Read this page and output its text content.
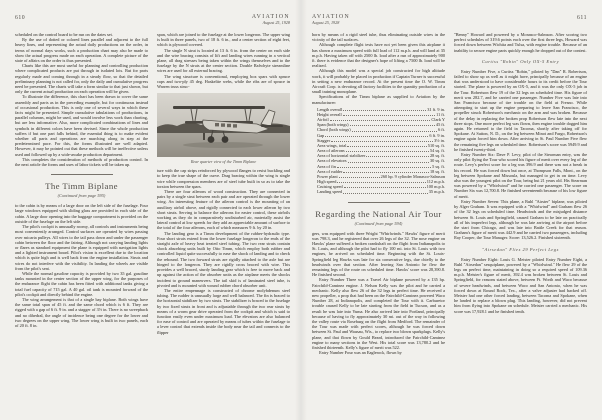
610	AVIATION
August 25, 1928

scheduled on the control board to be run on the dates set.

By the use of dotted or colored lines parallel and adjacent to the full heavy lines, and representing the actual daily productions on the order, in terms of normal days works, such a production chart may also be made to show the actual progress made on each operation. A complete picture of the state of affairs on the order is thus presented.

Charts like this are most useful for planning and controlling production where complicated products are put through in isolated lots. But for parts regularly made and coming through in a steady flow, so that the detailed preliminary planning is not called for, only the daily and cumulative progress need be presented. The charts will take a form similar to that just shown, but only the current actual production on each operation will be given.

To illustrate the difference, this chart has been drawn to cover the same assembly and parts as in the preceding example, but for continuous instead of occasional production. This is only one of several ways in which these facts might be presented. Simple cumulative tabulations of productions, in parallel columns, might be used, and would involve less work than charting, but are less informative. Also, more complicated combinations of lines and symbols in different colors have been devised. Since the whole production suffers if but one part falls behind, the essential thing is to make evident whether all parts and operations are marching along in step at the predetermined pace. For this, the forms illustrated are well adapted. However, it may be pointed out that these methods will be ineffective unless used and followed up by a wide-awake production department.

This completes the consideration of methods of production control. In the next article the forms and uses of labor tickets will be taken up.

The Timm Biplane
(Continued from page 595)

to the cabin is by means of a large door on the left side of the fuselage. Four large windows equipped with sliding glass are provided in each side of the cabin. A large door opening into the baggage compartment is provided on the outside of the fuselage on the left side.

The pilot's cockpit is unusually roomy, all controls and instruments being most conveniently arranged. Control surfaces are operated by wires passing over micarta pulleys. All wires to the tail pass down and under the passenger cabin between the floor and the fairing. Although not carrying landing lights or flares as standard equipment the plane is equipped with navigation lights and a lighted instrument board. Pilot's vision is excellent due to the location which is quite high and is well back from the engine installation. Struts and wires do not interfere with the visibility. In landing the wheels are visible from the pilot's seat.

While the normal gasoline capacity is provided by two 35 gal. gasoline tanks mounted in the center section of the upper wing, for the purposes of the endurance flight the cabin has been fitted with additional tanks giving a total fuel capacity of 715 gal. A 40 gal. oil tank is mounted forward of the pilot's cockpit and directly behind the engine.

The wing arrangement is that of a single bay biplane. Both wings have the same total span of 45 ft. and the same chord which is 6 ft. They are rigged with a gap of 6 ft. 9 in. and a stagger of 3½ in. There is no sweepback and no dihedral, the angle of incidence being one degree for the lower and two degrees on the upper wing. The lower wing is built in two panels, each of 20 ft. 8 in.

span, which are joined to the fuselage at the lower longeron. The upper wing is built in three panels, two of 18 ft. 6 in., and a center section of eight feet, which is plywood covered.

The single N strut is located at 13 ft. 6 in. from the center on each side and the wire bracing consists of lift and landing wires running in a vertical plane, all drag stresses being taken within the wings themselves and to the fuselage by the N struts at the center section. Double Rafwhyte streamline wires are used for all external bracing.

The wing structure is conventional, employing box spars with spruce caps and two-ply 45 deg. Haskelite webs, while the ribs are of spruce in Warren truss struc-

Rear quarter view of the Timm Biplane

ture with the cap strips reinforced by plywood flanges to resist buckling and to keep the true shape of the curve. Drag bracing within the wing is single wire while compression members are of steel tube built in so as to take the torsion between the spars.

There are four ailerons of wood construction. They are connected in pairs by a single strut between each pair and are operated through the lower wing. An interesting feature of the aileron control is the mounting of an auxiliary airfoil above, and rigidly connected to each lower aileron by two short struts. Serving to balance the ailerons for easier control, these airfoils working as they do in comparatively undisturbed air, materially assist the lateral control at low speeds for they add an appreciable amount of surface to the total of the four ailerons, each of which measures 9 ft. by 20 in.

The landing gear is a Timm development of the rubber-hydraulic type. Four short struts extend from the lower fuselage longeron to the ends of the straight axle of heavy heat treated steel tubing. The two rear struts contain shock absorbing units built by Otto Timm, which employ both rubber and controlled liquid quite successfully to ease the shock of landing and to check the rebound. The two forward struts are rigidly attached to the axle but are hinged to the longeron. They are rigidly cross braced with wire. This provides a well braced, sturdy landing gear which is free to move back and up against the action of the absorber units as the airplane meets the shocks incident to ground maneuvers. The tail skid is of laminated steel tube, is pivoted and is mounted with wound rubber chord absorber unit.

The entire empennage is constructed of chrome molybdenum steel tubing. The rudder is unusually large and well balanced. The fin is braced to the horizontal stabilizer by two struts. The stabilizer is braced to the fuselage by two fixed struts in front and is adjustable through the two rear struts by means of a worm gear drive operated from the cockpit and which is said to function easily even under maximum load. The elevators are also balanced for ease of control and are operated by means of tubes within the fuselage to a lever control that extends inside the body near the tail and connects to the flipper

AVIATION
August 25, 1928
611

horn by means of a rigid steel tube, thus eliminating outside wires in the vicinity of the tail surfaces.

Although complete flight tests have not yet been given this airplane it has shown a maximum speed with full load of 112 m.p.h. and will land at 35 m.p.h. Having taken off with 2500 lb. load after a run of approximately 900 ft. there is evidence that the designer's hope of lifting a 7500 lb. load will be realized.

Although this model was a special job constructed for high altitude work, it will probably be placed in production if Captain Turner is successful in setting a new endurance record. At the present time the O. W. Timm Aircraft Corp. is devoting all factory facilities to the quantity production of a small training monoplane.

Specifications of the Timm biplane as supplied to Aviation by the manufacturer:

Length overall	31 ft. 9 in.
Height overall	11 ft.
Airfoil	Clark Y
Span (both wings)	45 ft.
Chord (both wings)	6 ft.
Gap	6 ft. 9 in.
Stagger	3½ in.
Area wings, total	510 sq. ft.
Area of ailerons	54 sq. ft.
Area of horizontal stabilizer	28 sq. ft.
Area of elevators	30 sq. ft.
Area of fin	5 sq. ft.
Area of rudder	18 sq. ft.
Power plant	260 hp. 9 cylinder Monasco-Salmson
High speed	112 m.p.h.
Cruising speed	100 m.p.h.
Landing speed	35 m.p.h.
Regarding the National Air Tour
(Continued from page 594)

gers, was equipped with three Wright "Whirlwinds." Hawks' figure of merit was 798.3, and he registered that over 26 legs of the 32. The nose engine on Hawks' plane suffered a broken crankshaft on the flight from Indianapolis to St. Louis, and although the pilot had to fly 100 mi. into St. Louis with two engines, he arrived on scheduled time. Beginning with the St. Louis-Springfield leg Hawks was late for six consecutive legs, due chiefly to the headwinds over that section. After leaving San Antonio he flew the remaining legs of the route on scheduled time. Hawks' score was 28,390.8. He finished second.

Entry Number Three was a Travel Air biplane powered by a 135 hp. Fairchild-Caminez engine. J. Nelson Kelly was the pilot and he carried a mechanic. Kelly also flew 26 of the 32 legs in perfect time. He received a new propeller, a prop that had been on the Fairchild-Caminez powered Waco Number 28, at Indianapolis, and completed the Tour with it. Carburetor trouble caused Kelly to be late starting from the field in Tucson, and as a result he was late into Yuma. He also arrived late into Portland, principally because of having to fly approximately 30 mi. out of the way in following the valley route via Roseburg on the flight from Medford. The remainder of the Tour was made with perfect scores, although he was forced down between St. Paul and Wausau, Wis., to replace two blown sparkplugs. Kelly's plane, and that flown by Gould Beard, introduced the Fairchild-Caminez engine to many sections in the West. His total score was 13,780.2 and he finished thirteenth. Kelly's figure of merit was 522.

Entry Number Four was an Eaglerock, flown by

"Benny" Howard and powered by a Monasco-Salmson. After scoring two perfect schedules of 319.6 points each over the first three legs, Howard was forced down between Wichita and Tulsa, with engine trouble. Because of an inability to secure engine parts quickly enough he dropped out of the contest.

Curtiss "Robin" Only OX-5 Entry

Entry Number Five, a Curtiss "Robin," piloted by "Dan" R. Robertson, failed to show up as well as it might have, principally because of an engine that was understood to have considerable hours to its credit before the Tour started. The plane is powered by an OX-5, and it was the only OX-5 job in the Tour. Robertson flew 19 of the 32 legs on scheduled time. His figure of merit was 282.7, and he carried one passenger. Number Five was late into San Francisco because of tire trouble on the field at Fresno. While attempting to start up the engine preparing to leave San Francisco, the propeller struck Robertson's mechanic on the arm and was broken. Because of the delay in replacing the broken prop Robertson flew late into the next three stops. One more perfect leg was flown, then engine trouble dogged him again. He returned to the field in Tacoma, shortly after taking off for Spokane. At Sutton, N. D., on the leg between Minot and Fargo, Robertson's engine again forced him down. After arriving in St. Paul Number Five flew the remaining five legs on scheduled time. Robertson's score was 5949.9 and he finished twenty-third.

Entry Number Six: Dave P. Levy, pilot of the Stearman entry, was the only pilot flying the Tour who scored his figure of merit over every leg of the route. Levy's perfect score for a leg was 396.9 and there was not a break in his record. He was forced down but once, at Thompson Falls, Mont., on the leg between Spokane and Missoula, but managed to get in on time. Levy also was the youngest pilot on the Tour, being but 21 years old. His Stearman was powered by a "Whirlwind" and he carried one passenger. The score on Number Six was 12,700.8. He finished seventeenth because of his low figure of merit.

Entry Number Seven: This plane, a Buhl "Airster" biplane, was piloted by Alger Graham. It was equipped with a "Whirlwind" and Graham flew 26 of the 32 legs on scheduled time. Headwinds and the misjudged distance between St. Louis and Springfield, caused Graham to be late on practically all of his imperfect legs, although he was late arriving at the airport before the start from Chicago, and was late into Battle Creek for that reason. Graham's figure of merit was 442.9 and he carried two passengers, including Ray Cooper, the Tour Manager. Score: 13,526.2. Finished sixteenth.

"Airsedan" Flies 29 Perfect Legs

Entry Number Eight: Louis G. Meister piloted Entry Number Eight, a Buhl "Airsedan" sesquiplane, powered by a "Whirlwind." He flew 29 of the legs on perfect time, maintaining in doing so a required speed of 109.36 m.p.h. Meister's figure of merit, 392.4 was broken between St. Louis and Springfield, for reasons stated above, between Ft. Worth and Waco because of severe headwinds, and between Waco and San Antonio, when he was forced down at Round Rock, Tex., after a valve adjuster had backed off. Meister had one other forced landing, between Tacoma and Spokane, when he landed to replace a blown plug. This landing, however, did not prevent him from flying into Spokane on schedule. Meister carried a mechanic. His score was 17,928.1 and he finished tenth.
